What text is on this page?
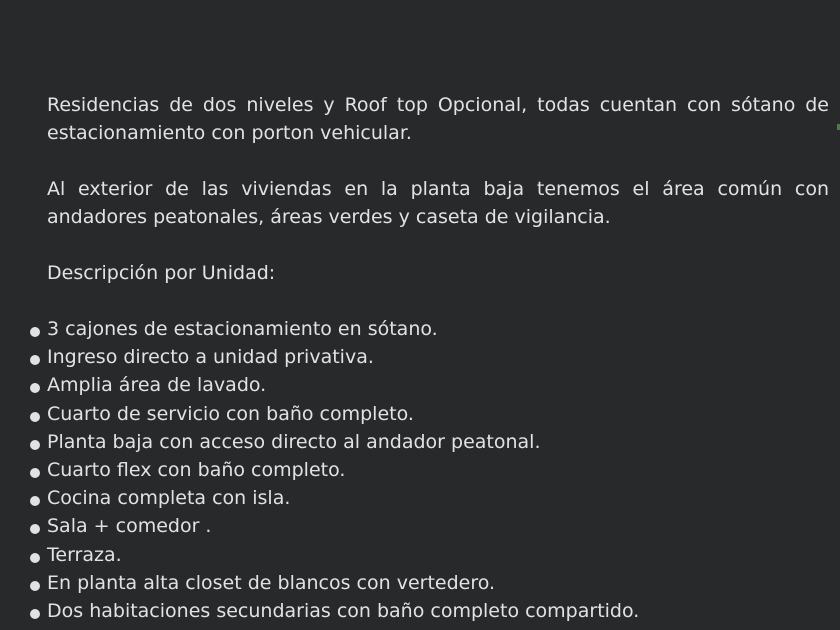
Residencias de dos niveles y Roof top Opcional, todas cuentan con sótano de estacionamiento con porton vehicular.

Al exterior de las viviendas en la planta baja tenemos el área común con andadores peatonales, áreas verdes y caseta de vigilancia.

Descripción por Unidad:

3 cajones de estacionamiento en sótano.
Ingreso directo a unidad privativa.
Amplia área de lavado.
Cuarto de servicio con baño completo.
Planta baja con acceso directo al andador peatonal.
Cuarto flex con baño completo.
Cocina completa con isla.
Sala + comedor .
Terraza.
En planta alta closet de blancos con vertedero.
Dos habitaciones secundarias con baño completo compartido.
